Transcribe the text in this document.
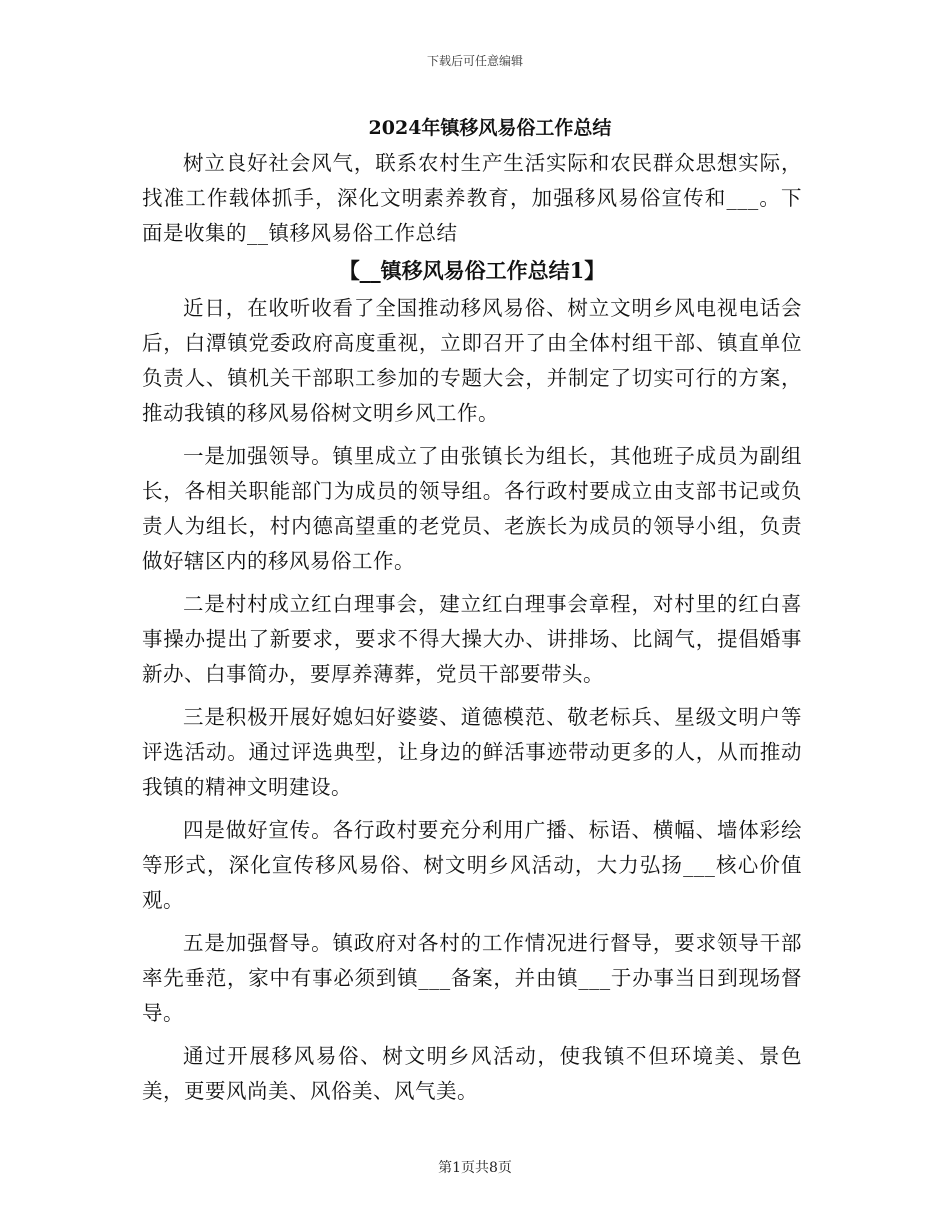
下载后可任意编辑
2024年镇移风易俗工作总结

树立良好社会风气，联系农村生产生活实际和农民群众思想实际，找准工作载体抓手，深化文明素养教育，加强移风易俗宣传和___。下面是收集的__镇移风易俗工作总结

【__镇移风易俗工作总结1】

近日，在收听收看了全国推动移风易俗、树立文明乡风电视电话会后，白潭镇党委政府高度重视，立即召开了由全体村组干部、镇直单位负责人、镇机关干部职工参加的专题大会，并制定了切实可行的方案，推动我镇的移风易俗树文明乡风工作。

一是加强领导。镇里成立了由张镇长为组长，其他班子成员为副组长，各相关职能部门为成员的领导组。各行政村要成立由支部书记或负责人为组长，村内德高望重的老党员、老族长为成员的领导小组，负责做好辖区内的移风易俗工作。

二是村村成立红白理事会，建立红白理事会章程，对村里的红白喜事操办提出了新要求，要求不得大操大办、讲排场、比阔气，提倡婚事新办、白事简办，要厚养薄葬，党员干部要带头。

三是积极开展好媳妇好婆婆、道德模范、敬老标兵、星级文明户等评选活动。通过评选典型，让身边的鲜活事迹带动更多的人，从而推动我镇的精神文明建设。

四是做好宣传。各行政村要充分利用广播、标语、横幅、墙体彩绘等形式，深化宣传移风易俗、树文明乡风活动，大力弘扬___核心价值观。

五是加强督导。镇政府对各村的工作情况进行督导，要求领导干部率先垂范，家中有事必须到镇___备案，并由镇___于办事当日到现场督导。

通过开展移风易俗、树文明乡风活动，使我镇不但环境美、景色美，更要风尚美、风俗美、风气美。

第1页共8页
